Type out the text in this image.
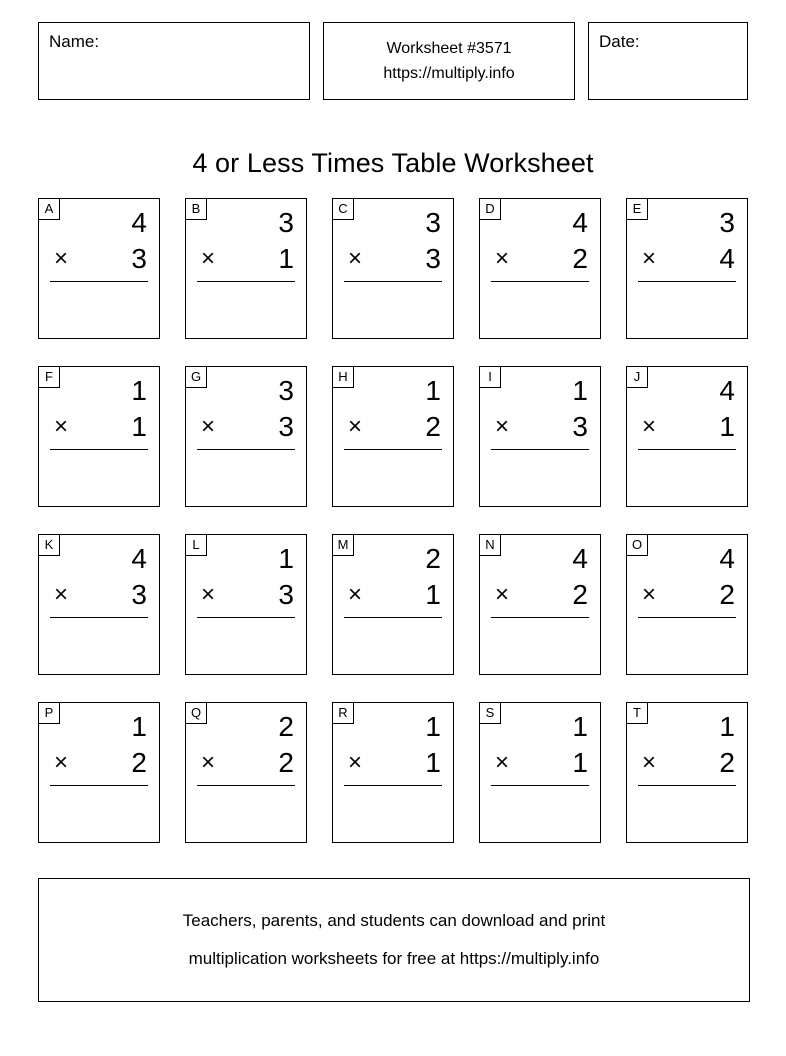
Name:	Worksheet #3571
https://multiply.info
Date:
4 or Less Times Table Worksheet
A	4
× 3
B	3
× 1
C	3
× 3
D	4
× 2
E	3
× 4
F	1
× 1
G	3
× 3
H	1
× 2
I	1
× 3
J	4
× 1
K	4
× 3
L	1
× 3
M	2
× 1
N	4
× 2
O	4
× 2
P	1
× 2
Q	2
× 2
R	1
× 1
S	1
× 1
T	1
× 2
Teachers, parents, and students can download and print
multiplication worksheets for free at https://multiply.info
